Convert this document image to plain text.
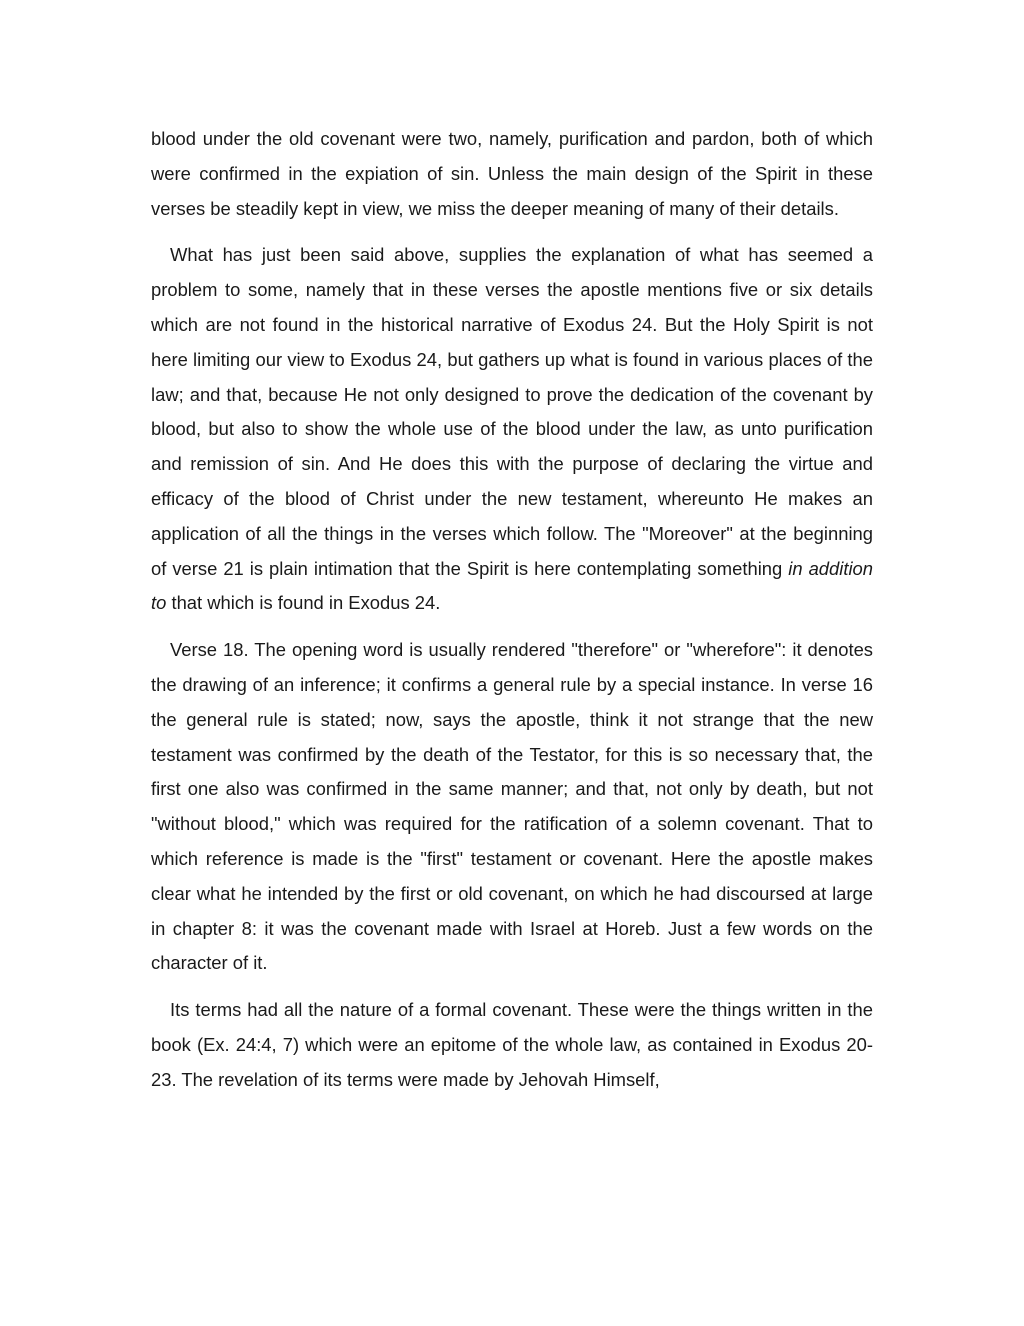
blood under the old covenant were two, namely, purification and pardon, both of which were confirmed in the expiation of sin. Unless the main design of the Spirit in these verses be steadily kept in view, we miss the deeper meaning of many of their details.

What has just been said above, supplies the explanation of what has seemed a problem to some, namely that in these verses the apostle mentions five or six details which are not found in the historical narrative of Exodus 24. But the Holy Spirit is not here limiting our view to Exodus 24, but gathers up what is found in various places of the law; and that, because He not only designed to prove the dedication of the covenant by blood, but also to show the whole use of the blood under the law, as unto purification and remission of sin. And He does this with the purpose of declaring the virtue and efficacy of the blood of Christ under the new testament, whereunto He makes an application of all the things in the verses which follow. The "Moreover" at the beginning of verse 21 is plain intimation that the Spirit is here contemplating something in addition to that which is found in Exodus 24.

Verse 18. The opening word is usually rendered "therefore" or "wherefore": it denotes the drawing of an inference; it confirms a general rule by a special instance. In verse 16 the general rule is stated; now, says the apostle, think it not strange that the new testament was confirmed by the death of the Testator, for this is so necessary that, the first one also was confirmed in the same manner; and that, not only by death, but not "without blood," which was required for the ratification of a solemn covenant. That to which reference is made is the "first" testament or covenant. Here the apostle makes clear what he intended by the first or old covenant, on which he had discoursed at large in chapter 8: it was the covenant made with Israel at Horeb. Just a few words on the character of it.

Its terms had all the nature of a formal covenant. These were the things written in the book (Ex. 24:4, 7) which were an epitome of the whole law, as contained in Exodus 20-23. The revelation of its terms were made by Jehovah Himself,
